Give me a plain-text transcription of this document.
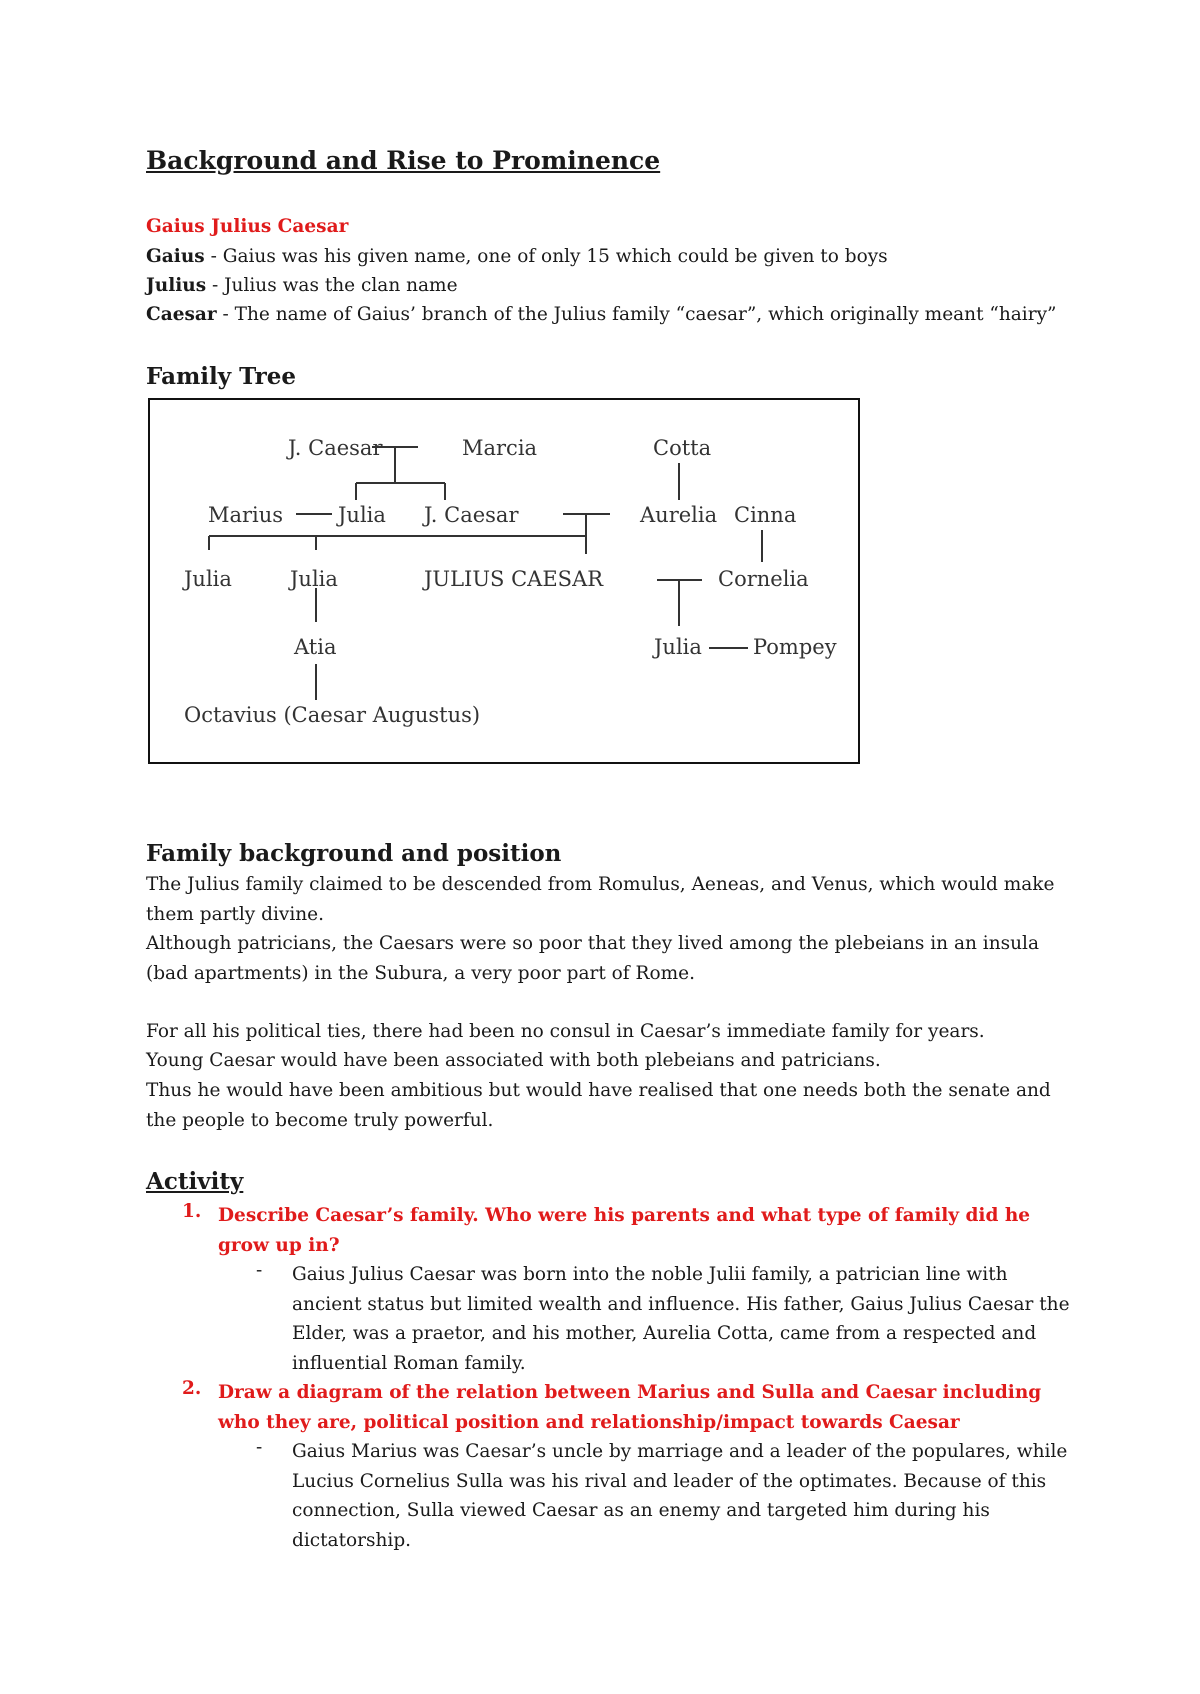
Background and Rise to Prominence
Gaius Julius Caesar
Gaius - Gaius was his given name, one of only 15 which could be given to boys
Julius - Julius was the clan name
Caesar - The name of Gaius’ branch of the Julius family “caesar”, which originally meant “hairy”
Family Tree
J. Caesar	Marcia	Cotta
Marius	Julia J. Caesar	Aurelia Cinna
Julia	Julia	JULIUS CAESAR	Cornelia
Atia	Julia Pompey
Octavius (Caesar Augustus)
Family background and position
The Julius family claimed to be descended from Romulus, Aeneas, and Venus, which would make them partly divine.
Although patricians, the Caesars were so poor that they lived among the plebeians in an insula (bad apartments) in the Subura, a very poor part of Rome.
For all his political ties, there had been no consul in Caesar’s immediate family for years.
Young Caesar would have been associated with both plebeians and patricians.
Thus he would have been ambitious but would have realised that one needs both the senate and the people to become truly powerful.
Activity
1. Describe Caesar’s family. Who were his parents and what type of family did he grow up in?
- Gaius Julius Caesar was born into the noble Julii family, a patrician line with ancient status but limited wealth and influence. His father, Gaius Julius Caesar the Elder, was a praetor, and his mother, Aurelia Cotta, came from a respected and influential Roman family.
2. Draw a diagram of the relation between Marius and Sulla and Caesar including who they are, political position and relationship/impact towards Caesar
- Gaius Marius was Caesar’s uncle by marriage and a leader of the populares, while Lucius Cornelius Sulla was his rival and leader of the optimates. Because of this connection, Sulla viewed Caesar as an enemy and targeted him during his dictatorship.
